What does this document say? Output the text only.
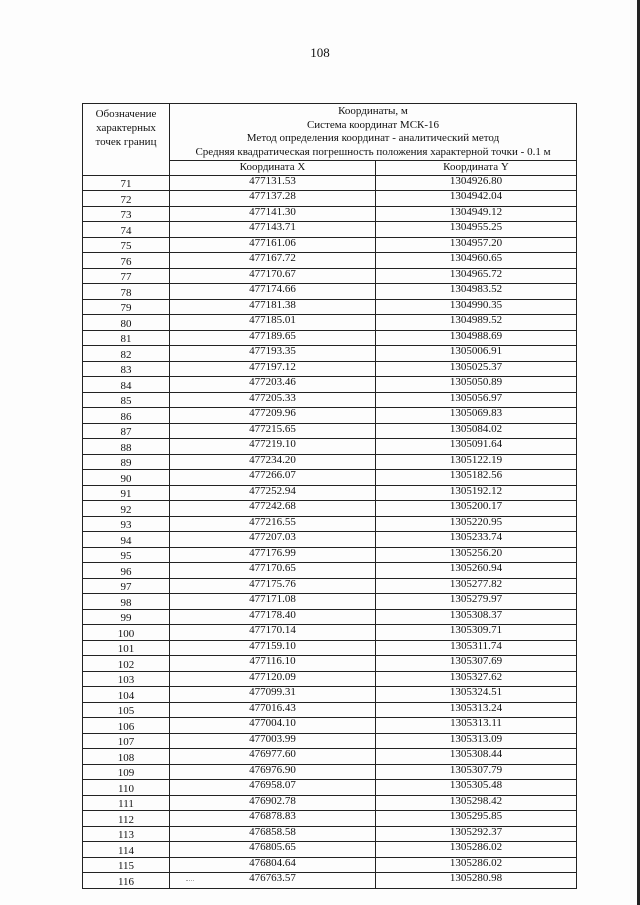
108
Обозначение характерных точек границ	Координаты, м
Система координат МСК-16
Метод определения координат - аналитический метод
Средняя квадратическая погрешность положения характерной точки - 0.1 м	

	Координата X	Координата Y
71	477131.53	1304926.80
72	477137.28	1304942.04
73	477141.30	1304949.12
74	477143.71	1304955.25
75	477161.06	1304957.20
76	477167.72	1304960.65
77	477170.67	1304965.72
78	477174.66	1304983.52
79	477181.38	1304990.35
80	477185.01	1304989.52
81	477189.65	1304988.69
82	477193.35	1305006.91
83	477197.12	1305025.37
84	477203.46	1305050.89
85	477205.33	1305056.97
86	477209.96	1305069.83
87	477215.65	1305084.02
88	477219.10	1305091.64
89	477234.20	1305122.19
90	477266.07	1305182.56
91	477252.94	1305192.12
92	477242.68	1305200.17
93	477216.55	1305220.95
94	477207.03	1305233.74
95	477176.99	1305256.20
96	477170.65	1305260.94
97	477175.76	1305277.82
98	477171.08	1305279.97
99	477178.40	1305308.37
100	477170.14	1305309.71
101	477159.10	1305311.74
102	477116.10	1305307.69
103	477120.09	1305327.62
104	477099.31	1305324.51
105	477016.43	1305313.24
106	477004.10	1305313.11
107	477003.99	1305313.09
108	476977.60	1305308.44
109	476976.90	1305307.79
110	476958.07	1305305.48
111	476902.78	1305298.42
112	476878.83	1305295.85
113	476858.58	1305292.37
114	476805.65	1305286.02
115	476804.64	1305286.02
116	476763.57	1305280.98
